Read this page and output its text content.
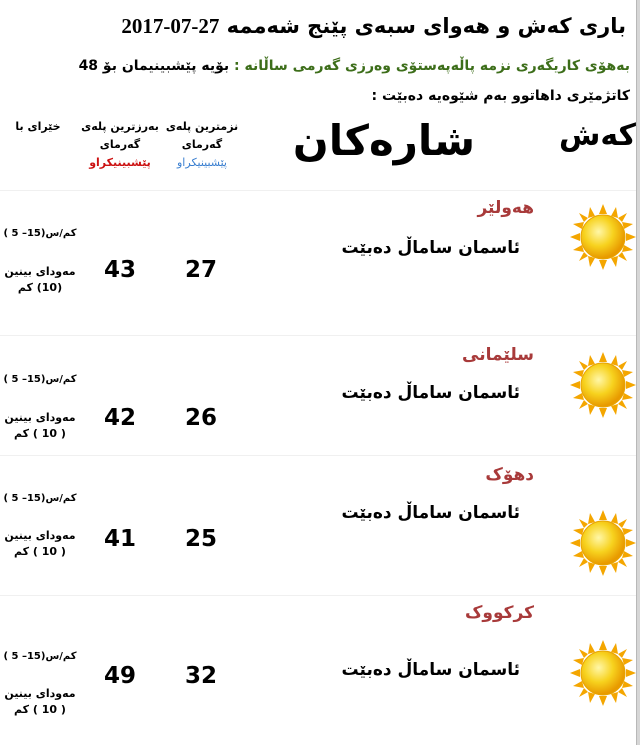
باری کەش و هەوای سبەی پێنج شەممە 27-07-2017
بەهۆی کاریگەری نزمە پاڵەپەستۆی وەرزی گەرمی ساڵانە : بۆیە پێشبینیمان بۆ 48
کاتژمێری داهاتوو بەم شێوەیە دەبێت :
کەش
شارەکان
نزمترین پلەی
گەرمای
پێشبینیکراو
بەرزترین پلەی
گەرمای
پێشبینیکراو
خێرای با
هەولێر
ئاسمان ساماڵ دەبێت
27
43
( 5 –15)کم/س
مەودای بینین
(10) کم
سلێمانی
ئاسمان ساماڵ دەبێت
26
42
( 5 –15)کم/س
مەودای بینین
( 10 ) کم
دهۆک
ئاسمان ساماڵ دەبێت
25
41
( 5 –15)کم/س
مەودای بینین
( 10 ) کم
کرکووک
ئاسمان ساماڵ دەبێت
32
49
( 5 –15)کم/س
مەودای بینین
( 10 ) کم
